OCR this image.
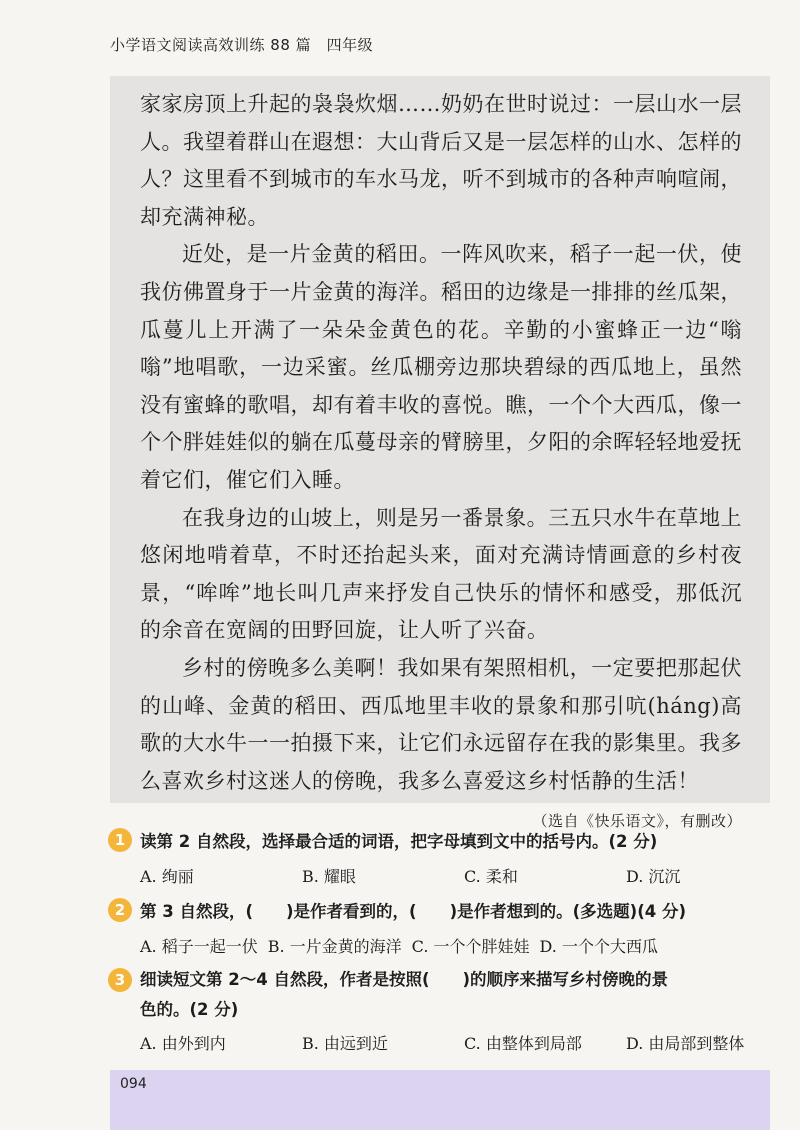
小学语文阅读高效训练 88 篇　四年级

家家房顶上升起的袅袅炊烟……奶奶在世时说过：一层山水一层人。我望着群山在遐想：大山背后又是一层怎样的山水、怎样的人？这里看不到城市的车水马龙，听不到城市的各种声响喧闹，却充满神秘。

近处，是一片金黄的稻田。一阵风吹来，稻子一起一伏，使我仿佛置身于一片金黄的海洋。稻田的边缘是一排排的丝瓜架，瓜蔓儿上开满了一朵朵金黄色的花。辛勤的小蜜蜂正一边“嗡嗡”地唱歌，一边采蜜。丝瓜棚旁边那块碧绿的西瓜地上，虽然没有蜜蜂的歌唱，却有着丰收的喜悦。瞧，一个个大西瓜，像一个个胖娃娃似的躺在瓜蔓母亲的臂膀里，夕阳的余晖轻轻地爱抚着它们，催它们入睡。

在我身边的山坡上，则是另一番景象。三五只水牛在草地上悠闲地啃着草，不时还抬起头来，面对充满诗情画意的乡村夜景，“哞哞”地长叫几声来抒发自己快乐的情怀和感受，那低沉的余音在宽阔的田野回旋，让人听了兴奋。

乡村的傍晚多么美啊！我如果有架照相机，一定要把那起伏的山峰、金黄的稻田、西瓜地里丰收的景象和那引吭(háng)高歌的大水牛一一拍摄下来，让它们永远留存在我的影集里。我多么喜欢乡村这迷人的傍晚，我多么喜爱这乡村恬静的生活！

（选自《快乐语文》，有删改）

1 读第 2 自然段，选择最合适的词语，把字母填到文中的括号内。(2 分)
A. 绚丽	B. 耀眼	C. 柔和	D. 沉沉
2 第 3 自然段，(　　)是作者看到的，(　　)是作者想到的。(多选题)(4 分)
A. 稻子一起一伏 B. 一片金黄的海洋 C. 一个个胖娃娃 D. 一个个大西瓜
3 细读短文第 2～4 自然段，作者是按照(　　)的顺序来描写乡村傍晚的景
色的。(2 分)
A. 由外到内	B. 由远到近	C. 由整体到局部	D. 由局部到整体
094
